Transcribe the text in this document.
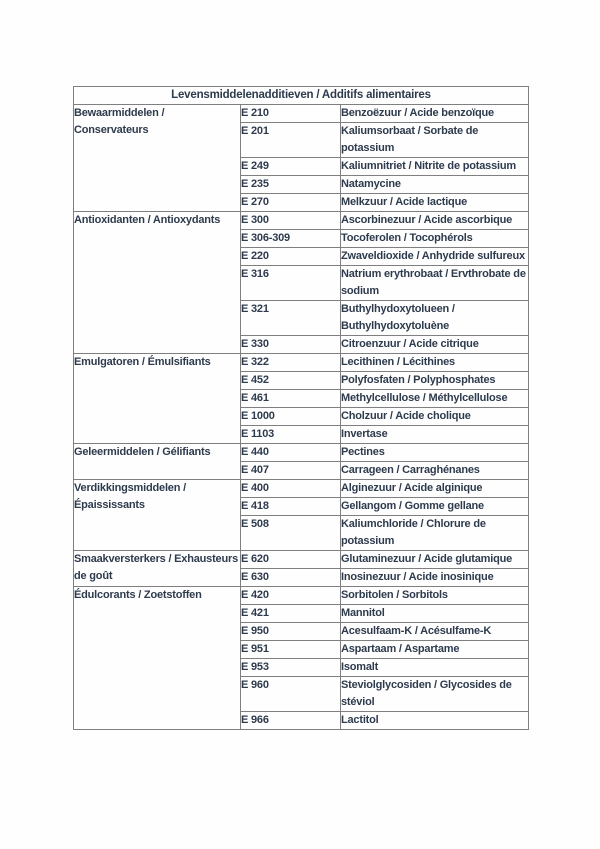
Levensmiddelenadditieven / Additifs alimentaires		
Bewaarmiddelen / Conservateurs	E 210	Benzoëzuur / Acide benzoïque
	E 201	Kaliumsorbaat / Sorbate de potassium
	E 249	Kaliumnitriet / Nitrite de potassium
	E 235	Natamycine
	E 270	Melkzuur / Acide lactique
Antioxidanten / Antioxydants	E 300	Ascorbinezuur / Acide ascorbique
	E 306-309	Tocoferolen / Tocophérols
	E 220	Zwaveldioxide / Anhydride sulfureux
	E 316	Natrium erythrobaat / Ervthrobate de sodium
	E 321	Buthylhydoxytolueen / Buthylhydoxytoluène
	E 330	Citroenzuur / Acide citrique
Emulgatoren / Émulsifiants	E 322	Lecithinen / Lécithines
	E 452	Polyfosfaten / Polyphosphates
	E 461	Methylcellulose / Méthylcellulose
	E 1000	Cholzuur / Acide cholique
	E 1103	Invertase
Geleermiddelen / Gélifiants	E 440	Pectines
	E 407	Carrageen / Carraghénanes
Verdikkingsmiddelen / Épaississants	E 400	Alginezuur / Acide alginique
	E 418	Gellangom / Gomme gellane
	E 508	Kaliumchloride / Chlorure de potassium
Smaakversterkers / Exhausteurs de goût	E 620	Glutaminezuur / Acide glutamique
	E 630	Inosinezuur / Acide inosinique
Édulcorants / Zoetstoffen	E 420	Sorbitolen / Sorbitols
	E 421	Mannitol
	E 950	Acesulfaam-K / Acésulfame-K
	E 951	Aspartaam / Aspartame
	E 953	Isomalt
	E 960	Steviolglycosiden / Glycosides de stéviol
	E 966	Lactitol
